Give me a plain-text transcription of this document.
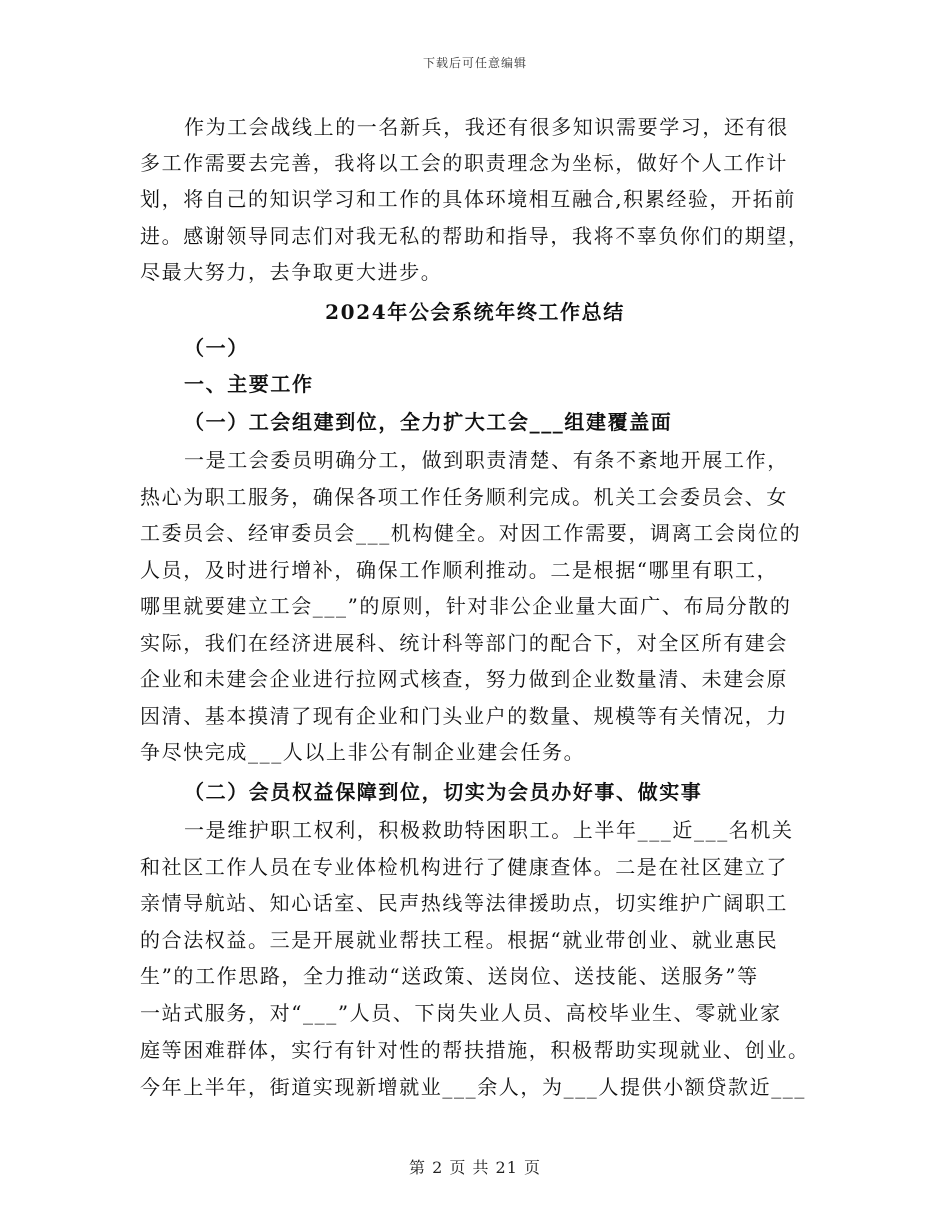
下载后可任意编辑
作为工会战线上的一名新兵，我还有很多知识需要学习，还有很
多工作需要去完善，我将以工会的职责理念为坐标，做好个人工作计
划，将自己的知识学习和工作的具体环境相互融合,积累经验，开拓前
进。感谢领导同志们对我无私的帮助和指导，我将不辜负你们的期望，
尽最大努力，去争取更大进步。
2024年公会系统年终工作总结
（一）
一、主要工作
（一）工会组建到位，全力扩大工会___组建覆盖面
一是工会委员明确分工，做到职责清楚、有条不紊地开展工作，
热心为职工服务，确保各项工作任务顺利完成。机关工会委员会、女
工委员会、经审委员会___机构健全。对因工作需要，调离工会岗位的
人员，及时进行增补，确保工作顺利推动。二是根据“哪里有职工，
哪里就要建立工会___”的原则，针对非公企业量大面广、布局分散的
实际，我们在经济进展科、统计科等部门的配合下，对全区所有建会
企业和未建会企业进行拉网式核查，努力做到企业数量清、未建会原
因清、基本摸清了现有企业和门头业户的数量、规模等有关情况，力
争尽快完成___人以上非公有制企业建会任务。
（二）会员权益保障到位，切实为会员办好事、做实事
一是维护职工权利，积极救助特困职工。上半年___近___名机关
和社区工作人员在专业体检机构进行了健康查体。二是在社区建立了
亲情导航站、知心话室、民声热线等法律援助点，切实维护广阔职工
的合法权益。三是开展就业帮扶工程。根据“就业带创业、就业惠民
生”的工作思路，全力推动“送政策、送岗位、送技能、送服务”等
一站式服务，对“___”人员、下岗失业人员、高校毕业生、零就业家
庭等困难群体，实行有针对性的帮扶措施，积极帮助实现就业、创业。
今年上半年，街道实现新增就业___余人，为___人提供小额贷款近___
第 2 页 共 21 页
